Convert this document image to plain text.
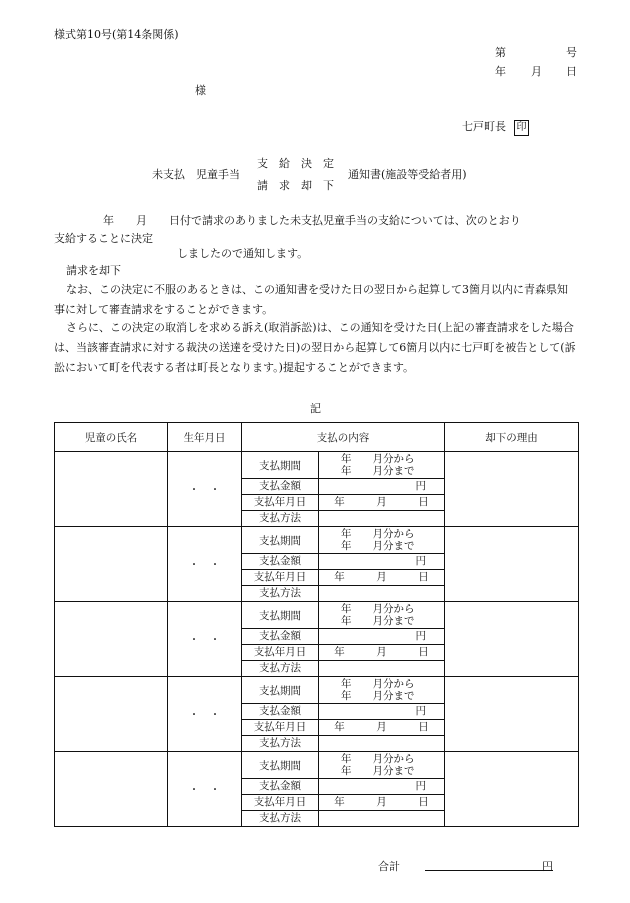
様式第10号(第14条関係)
第	号
年 月 日
様
七戸町長 印
未支払　児童手当
支　給　決　定
請　求　却　下
通知書(施設等受給者用)
年　　月　　日付で請求のありました未支払児童手当の支給については、次のとおり
支給することに決定
しましたので通知します。
請求を却下
なお、この決定に不服のあるときは、この通知書を受けた日の翌日から起算して3箇月以内に青森県知事に対して審査請求をすることができます。
さらに、この決定の取消しを求める訴え(取消訴訟)は、この通知を受けた日(上記の審査請求をした場合は、当該審査請求に対する裁決の送達を受けた日)の翌日から起算して6箇月以内に七戸町を被告として(訴訟において町を代表する者は町長となります。)提起することができます。
記
児童の氏名	生年月日	支払の内容		却下の理由
	・　・	支払期間	年　　月分から
年　　月分まで	

		支払金額	円	
		支払年月日	年　　　月　　　日	
		支払方法		
	・　・	支払期間	年　　月分から
年　　月分まで	

		支払金額	円	
		支払年月日	年　　　月　　　日	
		支払方法		
	・　・	支払期間	年　　月分から
年　　月分まで	

		支払金額	円	
		支払年月日	年　　　月　　　日	
		支払方法		
	・　・	支払期間	年　　月分から
年　　月分まで	

		支払金額	円	
		支払年月日	年　　　月　　　日	
		支払方法		
	・　・	支払期間	年　　月分から
年　　月分まで	

		支払金額	円	
		支払年月日	年　　　月　　　日	
		支払方法		
合計	円
